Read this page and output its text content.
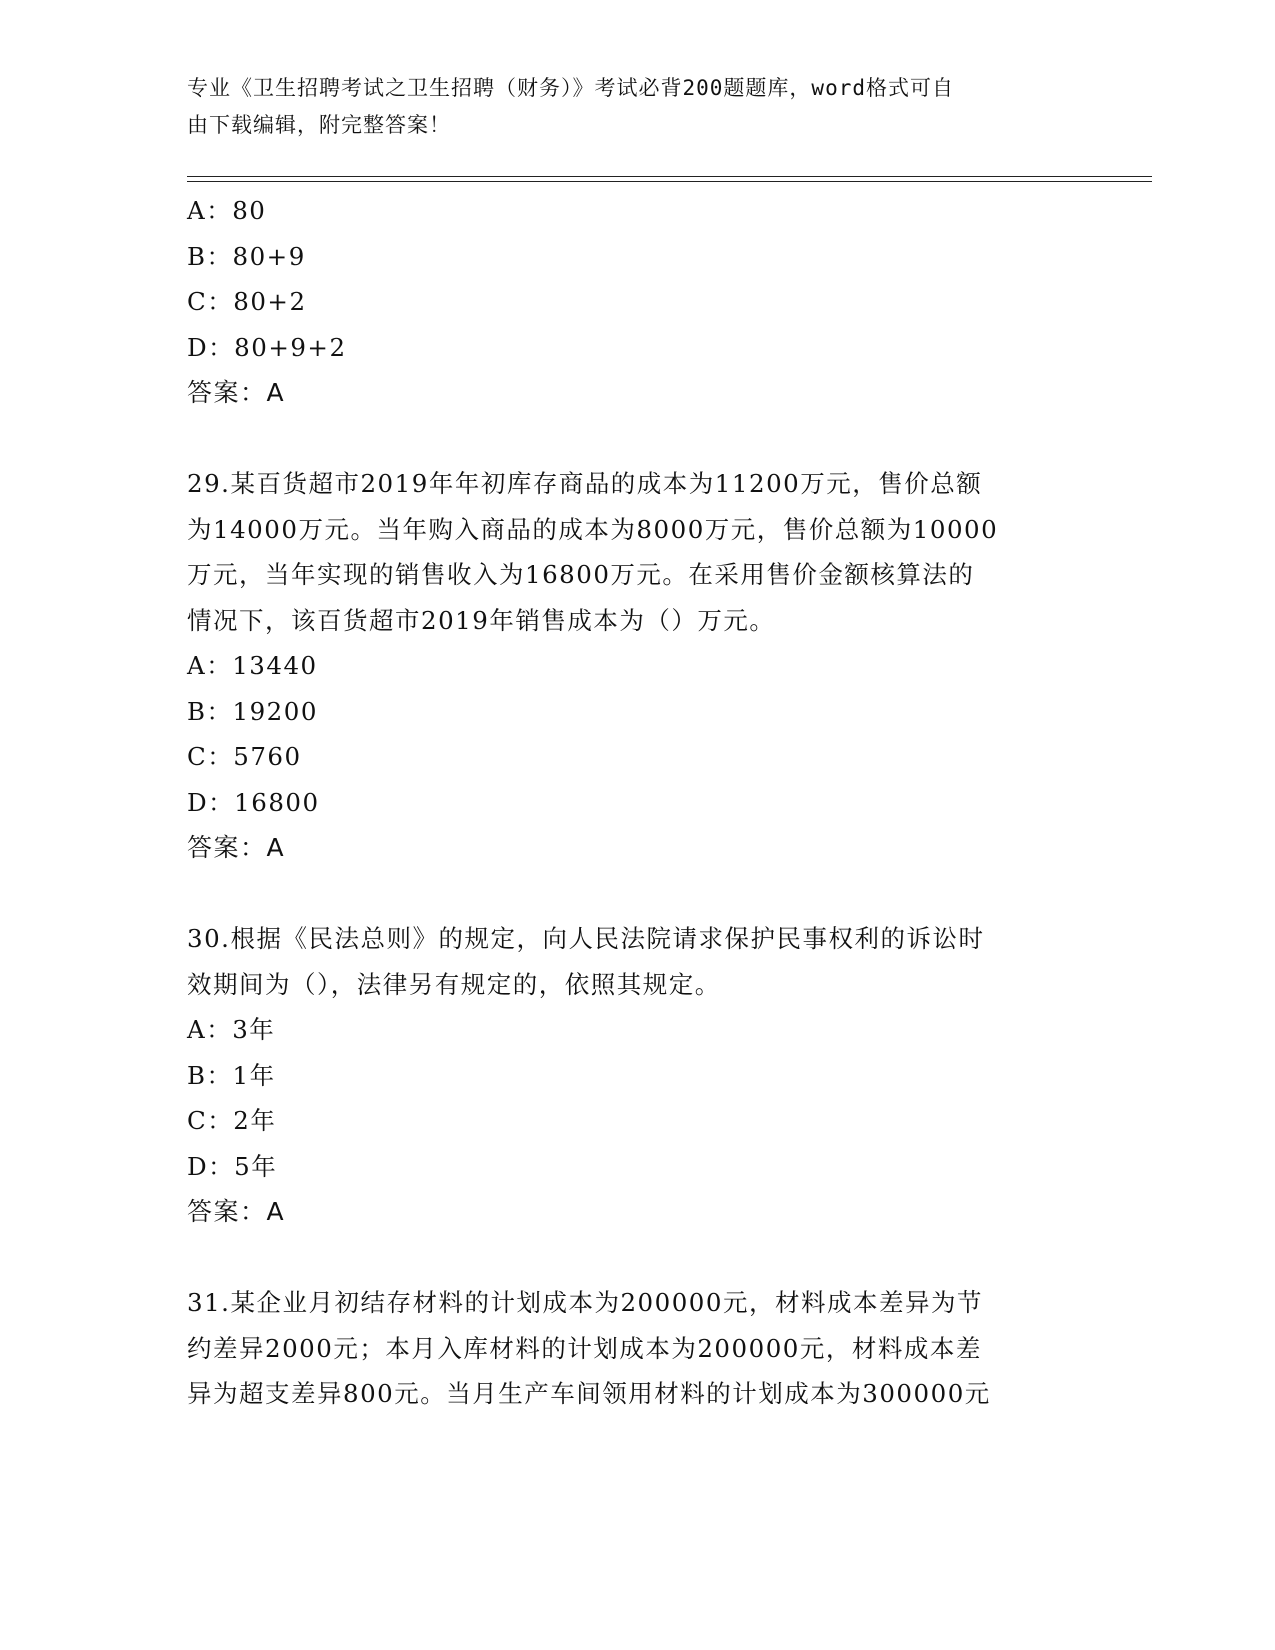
专业《卫生招聘考试之卫生招聘（财务）》考试必背200题题库，word格式可自
由下载编辑，附完整答案！
A：80
B：80+9
C：80+2
D：80+9+2
答案：A
29.某百货超市2019年年初库存商品的成本为11200万元，售价总额
为14000万元。当年购入商品的成本为8000万元，售价总额为10000
万元，当年实现的销售收入为16800万元。在采用售价金额核算法的
情况下，该百货超市2019年销售成本为（）万元。
A：13440
B：19200
C：5760
D：16800
答案：A
30.根据《民法总则》的规定，向人民法院请求保护民事权利的诉讼时
效期间为（），法律另有规定的，依照其规定。
A：3年
B：1年
C：2年
D：5年
答案：A
31.某企业月初结存材料的计划成本为200000元，材料成本差异为节
约差异2000元；本月入库材料的计划成本为200000元，材料成本差
异为超支差异800元。当月生产车间领用材料的计划成本为300000元
